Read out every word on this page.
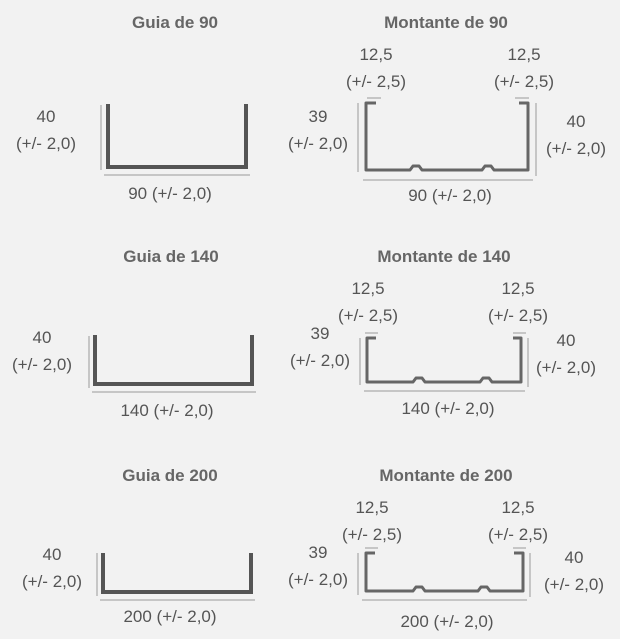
Guia de 90
40
(+/- 2,0)
90 (+/- 2,0)
Montante de 90
12,5
(+/- 2,5)
12,5
(+/- 2,5)
39
(+/- 2,0)
40
(+/- 2,0)
90 (+/- 2,0)
Guia de 140
40
(+/- 2,0)
140 (+/- 2,0)
Montante de 140
12,5
(+/- 2,5)
12,5
(+/- 2,5)
39
(+/- 2,0)
40
(+/- 2,0)
140 (+/- 2,0)
Guia de 200
40
(+/- 2,0)
200 (+/- 2,0)
Montante de 200
12,5
(+/- 2,5)
12,5
(+/- 2,5)
39
(+/- 2,0)
40
(+/- 2,0)
200 (+/- 2,0)
